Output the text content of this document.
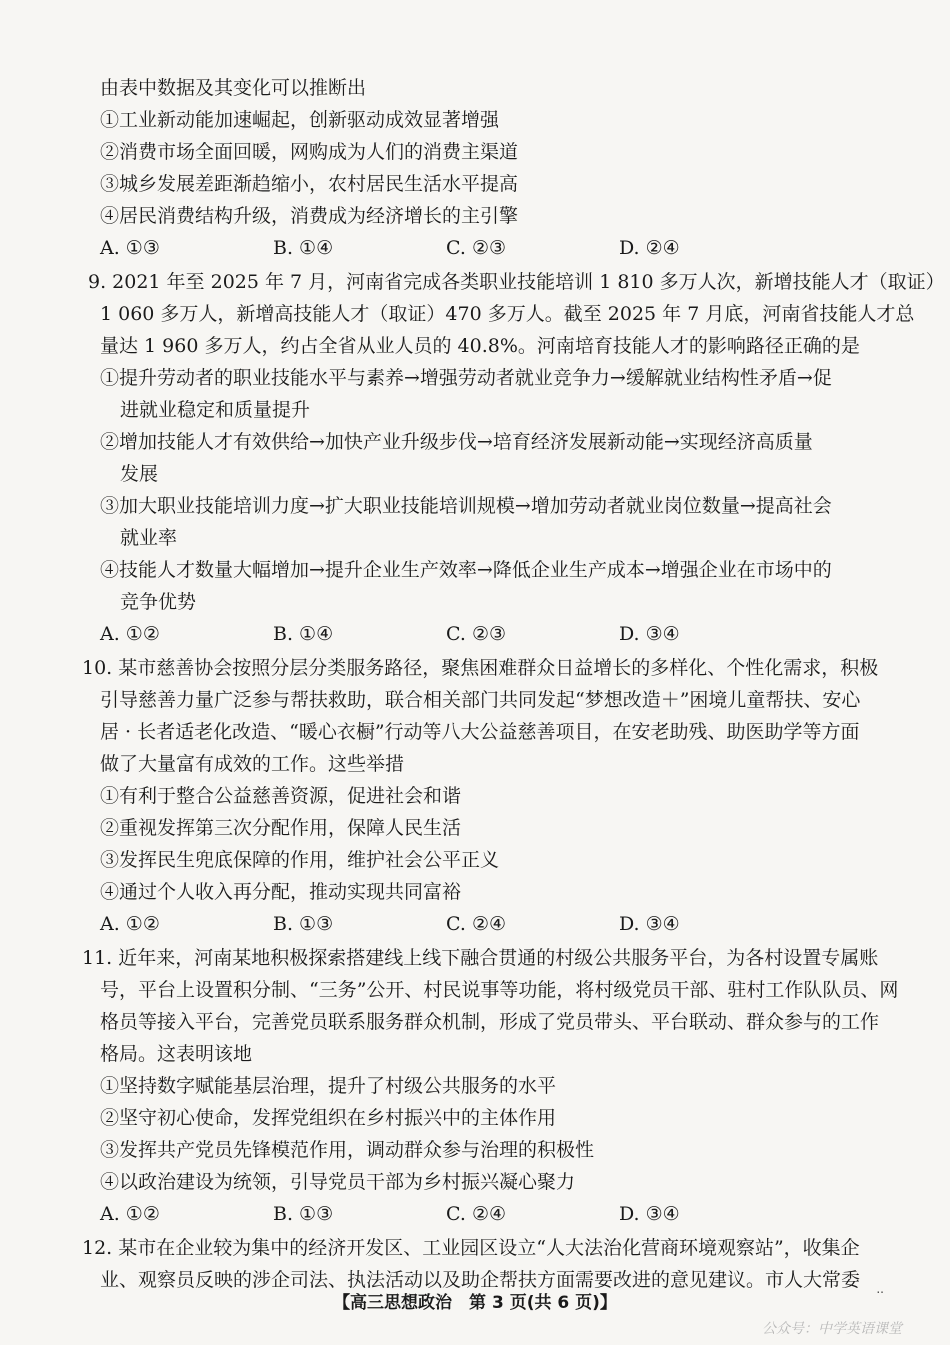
由表中数据及其变化可以推断出
①工业新动能加速崛起，创新驱动成效显著增强
②消费市场全面回暖，网购成为人们的消费主渠道
③城乡发展差距渐趋缩小，农村居民生活水平提高
④居民消费结构升级，消费成为经济增长的主引擎
A. ①③	B. ①④	C. ②③	D. ②④
9. 2021 年至 2025 年 7 月，河南省完成各类职业技能培训 1 810 多万人次，新增技能人才（取证）
1 060 多万人，新增高技能人才（取证）470 多万人。截至 2025 年 7 月底，河南省技能人才总
量达 1 960 多万人，约占全省从业人员的 40.8%。河南培育技能人才的影响路径正确的是
①提升劳动者的职业技能水平与素养→增强劳动者就业竞争力→缓解就业结构性矛盾→促
进就业稳定和质量提升
②增加技能人才有效供给→加快产业升级步伐→培育经济发展新动能→实现经济高质量
发展
③加大职业技能培训力度→扩大职业技能培训规模→增加劳动者就业岗位数量→提高社会
就业率
④技能人才数量大幅增加→提升企业生产效率→降低企业生产成本→增强企业在市场中的
竞争优势
A. ①②	B. ①④	C. ②③	D. ③④
10. 某市慈善协会按照分层分类服务路径，聚焦困难群众日益增长的多样化、个性化需求，积极
引导慈善力量广泛参与帮扶救助，联合相关部门共同发起“梦想改造＋”困境儿童帮扶、安心
居 · 长者适老化改造、“暖心衣橱”行动等八大公益慈善项目，在安老助残、助医助学等方面
做了大量富有成效的工作。这些举措
①有利于整合公益慈善资源，促进社会和谐
②重视发挥第三次分配作用，保障人民生活
③发挥民生兜底保障的作用，维护社会公平正义
④通过个人收入再分配，推动实现共同富裕
A. ①②	B. ①③	C. ②④	D. ③④
11. 近年来，河南某地积极探索搭建线上线下融合贯通的村级公共服务平台，为各村设置专属账
号，平台上设置积分制、“三务”公开、村民说事等功能，将村级党员干部、驻村工作队队员、网
格员等接入平台，完善党员联系服务群众机制，形成了党员带头、平台联动、群众参与的工作
格局。这表明该地
①坚持数字赋能基层治理，提升了村级公共服务的水平
②坚守初心使命，发挥党组织在乡村振兴中的主体作用
③发挥共产党员先锋模范作用，调动群众参与治理的积极性
④以政治建设为统领，引导党员干部为乡村振兴凝心聚力
A. ①②	B. ①③	C. ②④	D. ③④
12. 某市在企业较为集中的经济开发区、工业园区设立“人大法治化营商环境观察站”，收集企
业、观察员反映的涉企司法、执法活动以及助企帮扶方面需要改进的意见建议。市人大常委
【高三思想政治　第 3 页(共 6 页)】
..
公众号：中学英语课堂
